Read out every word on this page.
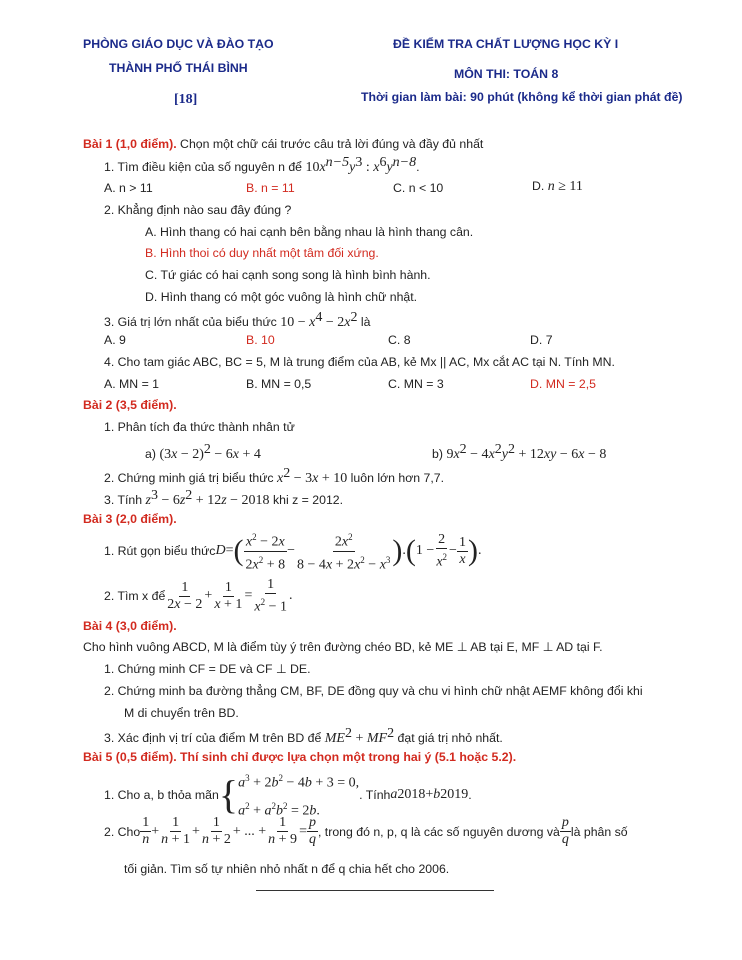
PHÒNG GIÁO DỤC VÀ ĐÀO TẠO
THÀNH PHỐ THÁI BÌNH
[18]
ĐỀ KIỂM TRA CHẤT LƯỢNG HỌC KỲ I
MÔN THI: TOÁN 8
Thời gian làm bài: 90 phút (không kể thời gian phát đề)
Bài 1 (1,0 điểm). Chọn một chữ cái trước câu trả lời đúng và đầy đủ nhất
1. Tìm điều kiện của số nguyên n để $10x^{n-5}y^3$ : $x^6y^{n-8}$.
A. n > 11	B. n = 11	C. n < 10	D. n ≥ 11
2. Khẳng định nào sau đây đúng ?
A. Hình thang có hai cạnh bên bằng nhau là hình thang cân.
B. Hình thoi có duy nhất một tâm đối xứng.
C. Tứ giác có hai cạnh song song là hình bình hành.
D. Hình thang có một góc vuông là hình chữ nhật.
3. Giá trị lớn nhất của biểu thức $10 - x^4 - 2x^2$ là
A. 9	B. 10	C. 8	D. 7
4. Cho tam giác ABC, BC = 5, M là trung điểm của AB, kẻ Mx || AC, Mx cắt AC tại N. Tính MN.
A. MN = 1	B. MN = 0,5	C. MN = 3	D. MN = 2,5
Bài 2 (3,5 điểm).
1. Phân tích đa thức thành nhân tử
a) $(3x - 2)^2 - 6x + 4$	b) $9x^2 - 4x^2y^2 + 12xy - 6x - 8$
2. Chứng minh giá trị biểu thức $x^2 - 3x + 10$ luôn lớn hơn 7,7.
3. Tính $z^3 - 6z^2 + 12z - 2018$ khi z = 2012.
Bài 3 (2,0 điểm).
1. Rút gọn biểu thức D = ( $\frac{x^2 - 2x}{2x^2 + 8} - \frac{2x^2}{8 - 4x + 2x^2 - x^3}$ ) . ( $1 - \frac{2}{x^2} - \frac{1}{x}$ ) .
2. Tìm x để $\frac{1}{2x - 2} + \frac{1}{x + 1} = \frac{1}{x^2 - 1}$ .
Bài 4 (3,0 điểm).
Cho hình vuông ABCD, M là điểm tùy ý trên đường chéo BD, kẻ ME ⊥ AB tại E, MF ⊥ AD tại F.
1. Chứng minh CF = DE và CF ⊥ DE.
2. Chứng minh ba đường thẳng CM, BF, DE đồng quy và chu vi hình chữ nhật AEMF không đổi khi
M di chuyển trên BD.
3. Xác định vị trí của điểm M trên BD để $ME^2 + MF^2$ đạt giá trị nhỏ nhất.
Bài 5 (0,5 điểm). Thí sinh chỉ được lựa chọn một trong hai ý (5.1 hoặc 5.2).
1. Cho a, b thỏa mãn { $a^3 + 2b^2 - 4b + 3 = 0$,
$a^2 + a^2b^2 = 2b$.
. Tính a 2018 + b 2019 .
2. Cho $\frac{1}{n} + \frac{1}{n + 1} + \frac{1}{n + 2}$ + ... + $\frac{1}{n + 9} = \frac{p}{q}$ , trong đó n, p, q là các số nguyên dương và $\frac{p}{q}$ là phân số
tối giản. Tìm số tự nhiên nhỏ nhất n để q chia hết cho 2006.
